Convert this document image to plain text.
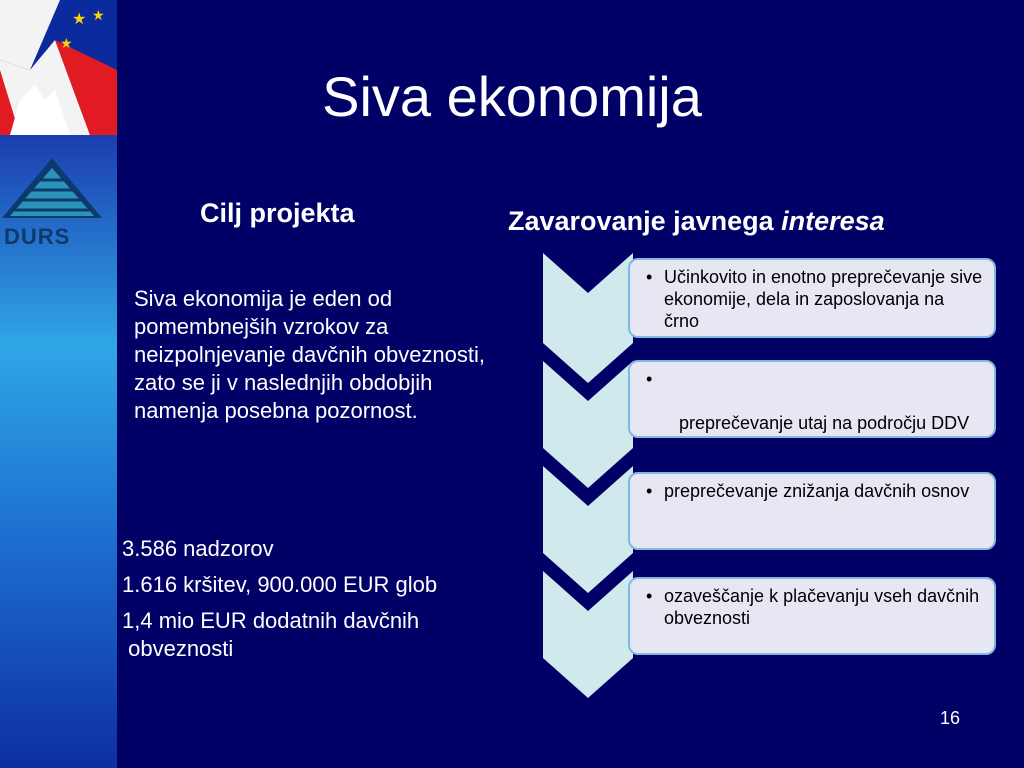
★ ★
★
DURS
Siva ekonomija
Cilj projekta

Siva ekonomija je eden od pomembnejših vzrokov za neizpolnjevanje davčnih obveznosti, zato se ji v naslednjih obdobjih namenja posebna pozornost.

3.586 nadzorov
1.616 kršitev, 900.000 EUR glob
1,4 mio EUR dodatnih davčnih
obveznosti
Zavarovanje javnega interesa
• Učinkovito in enotno preprečevanje sive ekonomije, dela in zaposlovanja na črno

•

preprečevanje utaj na področju DDV

• preprečevanje znižanja davčnih osnov
• ozaveščanje k plačevanju vseh davčnih obveznosti
16
